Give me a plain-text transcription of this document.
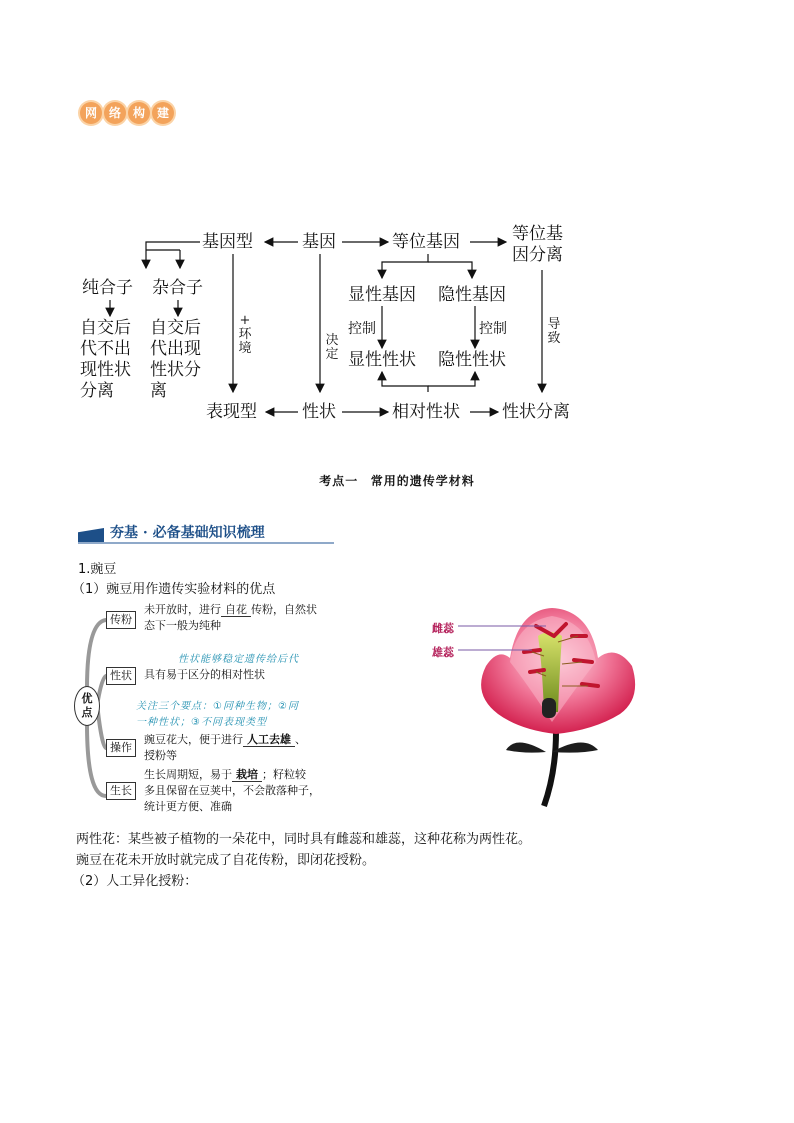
网 络 构 建
基因型	基因	等位基因	等位基
因分离
纯合子 杂合子
自交后
代不出
现性状
分离
自交后
代出现
性状分
离
+
环
境
决
定
显性基因 隐性基因
控制	控制	导
致
显性性状 隐性性状
表现型	性状	相对性状 性状分离
考点一 常用的遗传学材料
夯基 · 必备基础知识梳理
1.豌豆
（1）豌豆用作遗传实验材料的优点
优
点
传粉
未开放时，进行 自花 传粉，自然状
态下一般为纯种
性状能够稳定遗传给后代
性状	具有易于区分的相对性状
关注三个要点：①同种生物；②同
一种性状；③不同表现类型
操作
豌豆花大，便于进行 人工去雄 、
授粉等
生长
生长周期短，易于 栽培 ；籽粒较
多且保留在豆荚中，不会散落种子，
统计更方便、准确
雌蕊
雄蕊
两性花：某些被子植物的一朵花中，同时具有雌蕊和雄蕊，这种花称为两性花。
豌豆在花未开放时就完成了自花传粉，即闭花授粉。
（2）人工异化授粉：
